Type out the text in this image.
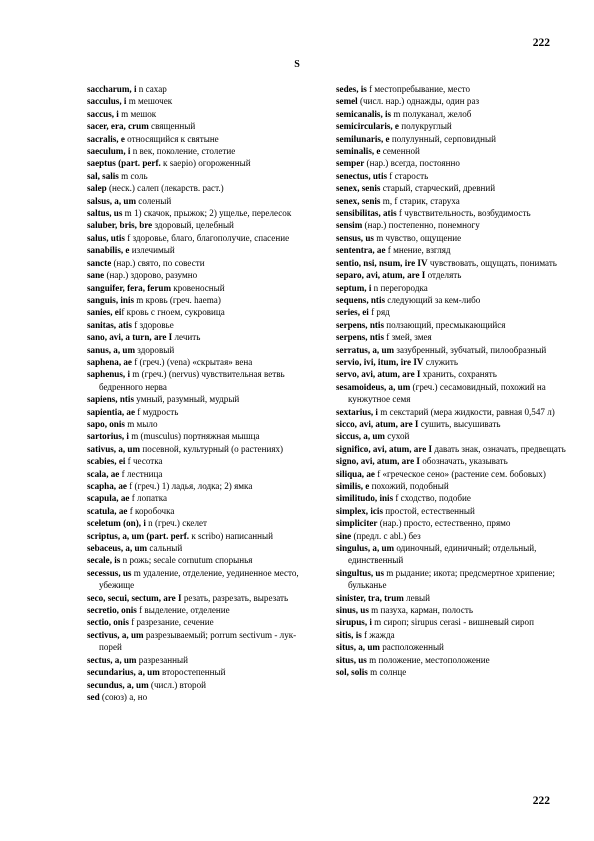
222
S
saccharum, i n сахар
sacculus, i m мешочек
saccus, i m мешок
sacer, era, crum священный
sacralis, e относящийся к святыне
saeculum, i n век, поколение, столетие
saeptus (part. perf. к saepio) огороженный
sal, salis m соль
salep (неск.) салеп (лекарств. раст.)
salsus, a, um соленый
saltus, us m 1) скачок, прыжок; 2) ущелье, перелесок
saluber, bris, bre здоровый, целебный
salus, utis f здоровье, благо, благополучие, спасение
sanabilis, e излечимый
sancte (нар.) свято, по совести
sane (нар.) здорово, разумно
sanguifer, fera, ferum кровеносный
sanguis, inis m кровь (греч. haema)
sanies, eif кровь с гноем, сукровица
sanitas, atis f здоровье
sano, avi, a turn, are I лечить
sanus, a, um здоровый
saphena, ae f (греч.) (vena) «скрытая» вена
saphenus, i m (греч.) (nervus) чувствительная ветвь бедренного нерва
sapiens, ntis умный, разумный, мудрый
sapientia, ae f мудрость
sapo, onis m мыло
sartorius, i m (musculus) портняжная мышца
sativus, a, um посевной, культурный (о растениях)
scabies, ei f чесотка
scala, ae f лестница
scapha, ae f (греч.) 1) ладья, лодка; 2) ямка
scapula, ae f лопатка
scatula, ae f коробочка
sceletum (on), i n (греч.) скелет
scriptus, a, um (part. perf. к scribo) написанный
sebaceus, a, um сальный
secale, is n рожь; secale cornutum спорынья
secessus, us m удаление, отделение, уединенное место, убежище
seco, secui, sectum, are I резать, разрезать, вырезать
secretio, onis f выделение, отделение
sectio, onis f разрезание, сечение
sectivus, a, um разрезываемый; porrum sectivum - лук-порей
sectus, a, um разрезанный
secundarius, a, um второстепенный
secundus, a, um (числ.) второй
sed (союз) а, но
sedes, is f местопребывание, место
semel (числ. нар.) однажды, один раз
semicanalis, is m полуканал, желоб
semicircularis, e полукруглый
semilunaris, e полулунный, серповидный
seminalis, e семенной
semper (нар.) всегда, постоянно
senectus, utis f старость
senex, senis старый, старческий, древний
senex, senis m, f старик, старуха
sensibilitas, atis f чувствительность, возбудимость
sensim (нар.) постепенно, понемногу
sensus, us m чувство, ощущение
sententra, ae f мнение, взгляд
sentio, nsi, nsum, ire IV чувствовать, ощущать, понимать
separo, avi, atum, are I отделять
septum, i n перегородка
sequens, ntis следующий за кем-либо
series, ei f ряд
serpens, ntis ползающий, пресмыкающийся
serpens, ntis f змей, змея
serratus, a, um зазубренный, зубчатый, пилообразный
servio, ivi, itum, ire IV служить
servo, avi, atum, are I хранить, сохранять
sesamoideus, a, um (греч.) сесамовидный, похожий на кунжутное семя
sextarius, i m секстарий (мера жидкости, равная 0,547 л)
sicco, avi, atum, are I сушить, высушивать
siccus, a, um сухой
significo, avi, atum, are I давать знак, означать, предвещать
signo, avi, atum, are I обозначать, указывать
siliqua, ae f «греческое сено» (растение сем. бобовых)
similis, e похожий, подобный
similitudo, inis f сходство, подобие
simplex, icis простой, естественный
simpliciter (нар.) просто, естественно, прямо
sine (предл. с abl.) без
singulus, a, um одиночный, единичный; отдельный, единственный
singultus, us m рыдание; икота; предсмертное хрипение; бульканье
sinister, tra, trum левый
sinus, us m пазуха, карман, полость
sirupus, i m сироп; sirupus cerasi - вишневый сироп
sitis, is f жажда
situs, a, um расположенный
situs, us m положение, местоположение
sol, solis m солнце
222
